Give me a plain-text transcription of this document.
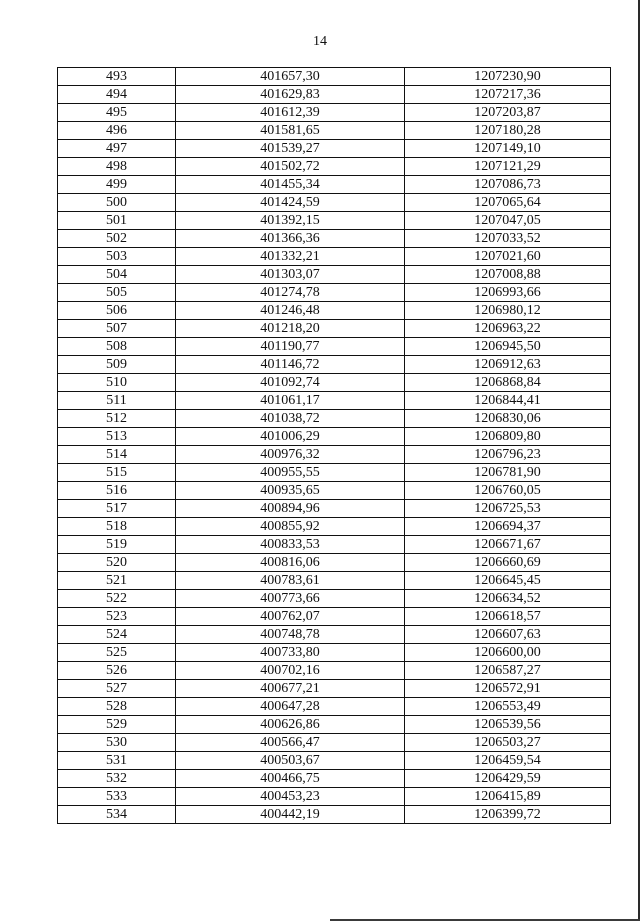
14
493	401657,30	1207230,90
494	401629,83	1207217,36
495	401612,39	1207203,87
496	401581,65	1207180,28
497	401539,27	1207149,10
498	401502,72	1207121,29
499	401455,34	1207086,73
500	401424,59	1207065,64
501	401392,15	1207047,05
502	401366,36	1207033,52
503	401332,21	1207021,60
504	401303,07	1207008,88
505	401274,78	1206993,66
506	401246,48	1206980,12
507	401218,20	1206963,22
508	401190,77	1206945,50
509	401146,72	1206912,63
510	401092,74	1206868,84
511	401061,17	1206844,41
512	401038,72	1206830,06
513	401006,29	1206809,80
514	400976,32	1206796,23
515	400955,55	1206781,90
516	400935,65	1206760,05
517	400894,96	1206725,53
518	400855,92	1206694,37
519	400833,53	1206671,67
520	400816,06	1206660,69
521	400783,61	1206645,45
522	400773,66	1206634,52
523	400762,07	1206618,57
524	400748,78	1206607,63
525	400733,80	1206600,00
526	400702,16	1206587,27
527	400677,21	1206572,91
528	400647,28	1206553,49
529	400626,86	1206539,56
530	400566,47	1206503,27
531	400503,67	1206459,54
532	400466,75	1206429,59
533	400453,23	1206415,89
534	400442,19	1206399,72
